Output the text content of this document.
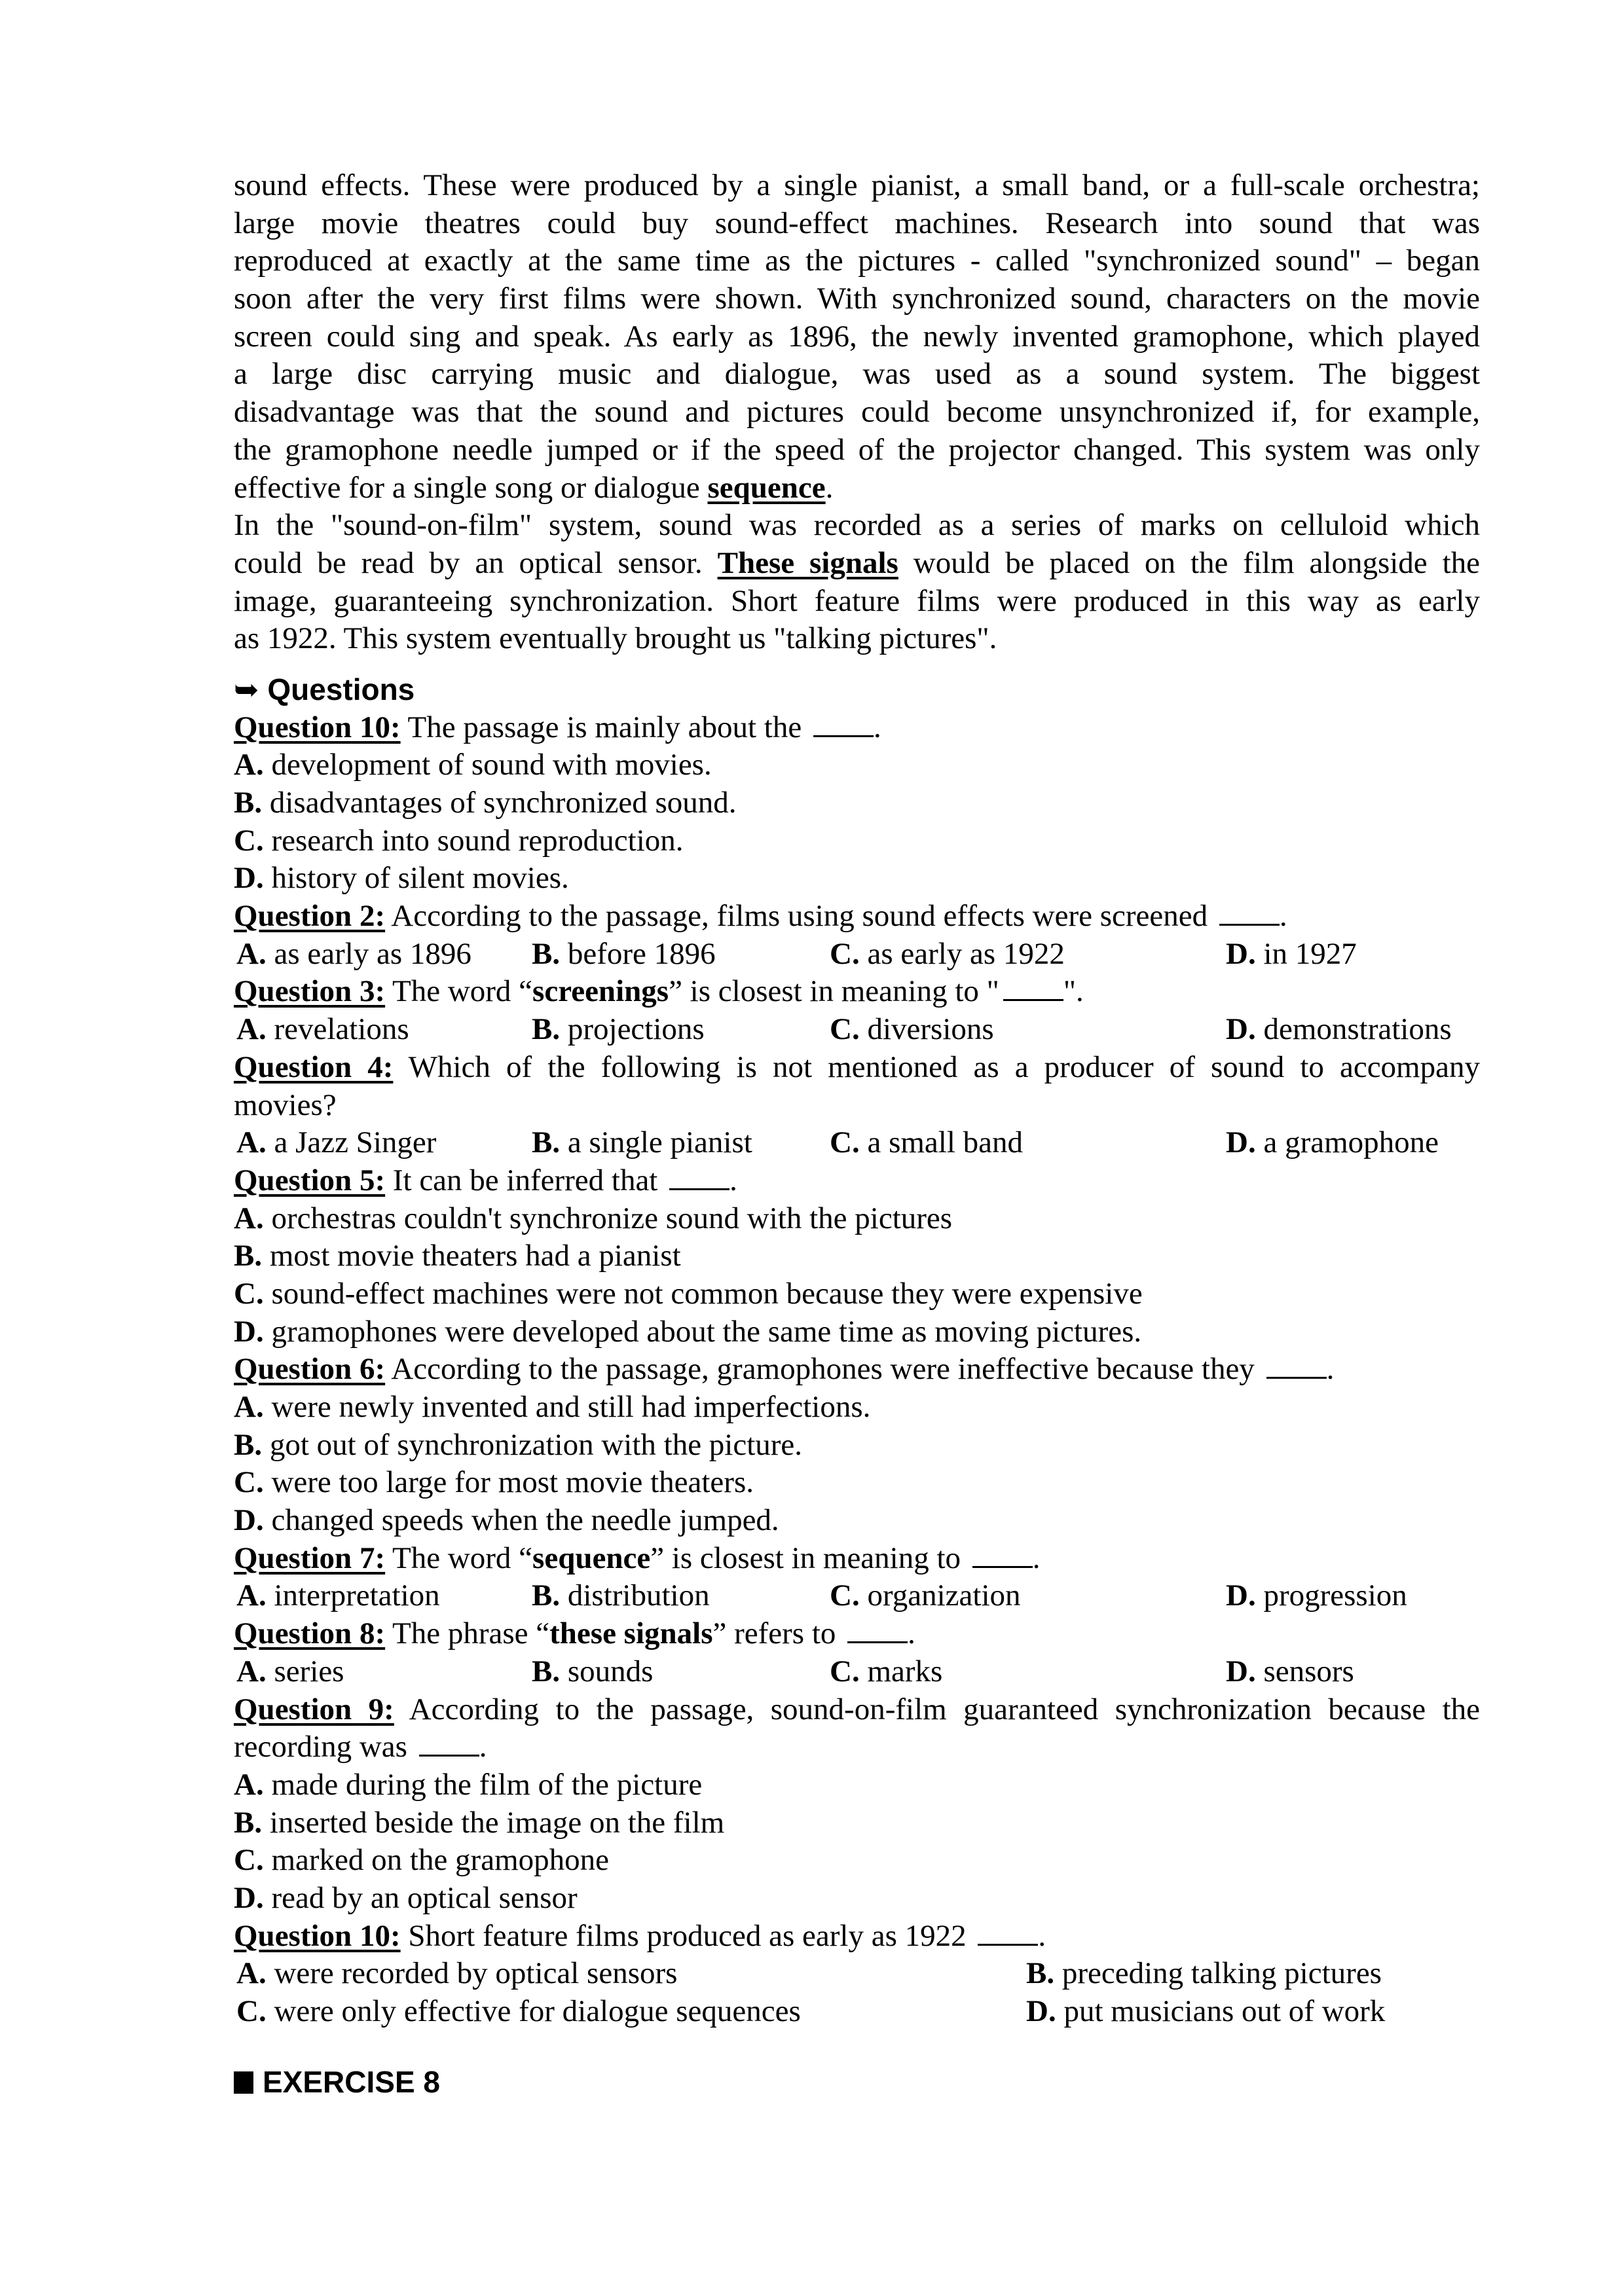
sound effects. These were produced by a single pianist, a small band, or a full-scale orchestra;
large movie theatres could buy sound-effect machines. Research into sound that was
reproduced at exactly at the same time as the pictures - called "synchronized sound" – began
soon after the very first films were shown. With synchronized sound, characters on the movie
screen could sing and speak. As early as 1896, the newly invented gramophone, which played
a large disc carrying music and dialogue, was used as a sound system. The biggest
disadvantage was that the sound and pictures could become unsynchronized if, for example,
the gramophone needle jumped or if the speed of the projector changed. This system was only
effective for a single song or dialogue sequence.
In the "sound-on-film" system, sound was recorded as a series of marks on celluloid which
could be read by an optical sensor. These signals would be placed on the film alongside the
image, guaranteeing synchronization. Short feature films were produced in this way as early
as 1922. This system eventually brought us "talking pictures".
➥ Questions
Question 10: The passage is mainly about the .
A. development of sound with movies.
B. disadvantages of synchronized sound.
C. research into sound reproduction.
D. history of silent movies.
Question 2: According to the passage, films using sound effects were screened .
A. as early as 1896 B. before 1896	C. as early as 1922	D. in 1927
Question 3: The word “screenings” is closest in meaning to " ".
A. revelations	B. projections	C. diversions	D. demonstrations
Question 4: Which of the following is not mentioned as a producer of sound to accompany
movies?
A. a Jazz Singer	B. a single pianist	C. a small band	D. a gramophone
Question 5: It can be inferred that .
A. orchestras couldn't synchronize sound with the pictures
B. most movie theaters had a pianist
C. sound-effect machines were not common because they were expensive
D. gramophones were developed about the same time as moving pictures.
Question 6: According to the passage, gramophones were ineffective because they .
A. were newly invented and still had imperfections.
B. got out of synchronization with the picture.
C. were too large for most movie theaters.
D. changed speeds when the needle jumped.
Question 7: The word “sequence” is closest in meaning to .
A. interpretation	B. distribution	C. organization	D. progression
Question 8: The phrase “these signals” refers to .
A. series	B. sounds	C. marks	D. sensors
Question 9: According to the passage, sound-on-film guaranteed synchronization because the
recording was .
A. made during the film of the picture
B. inserted beside the image on the film
C. marked on the gramophone
D. read by an optical sensor
Question 10: Short feature films produced as early as 1922 .
A. were recorded by optical sensors	B. preceding talking pictures
C. were only effective for dialogue sequences	D. put musicians out of work
EXERCISE 8
